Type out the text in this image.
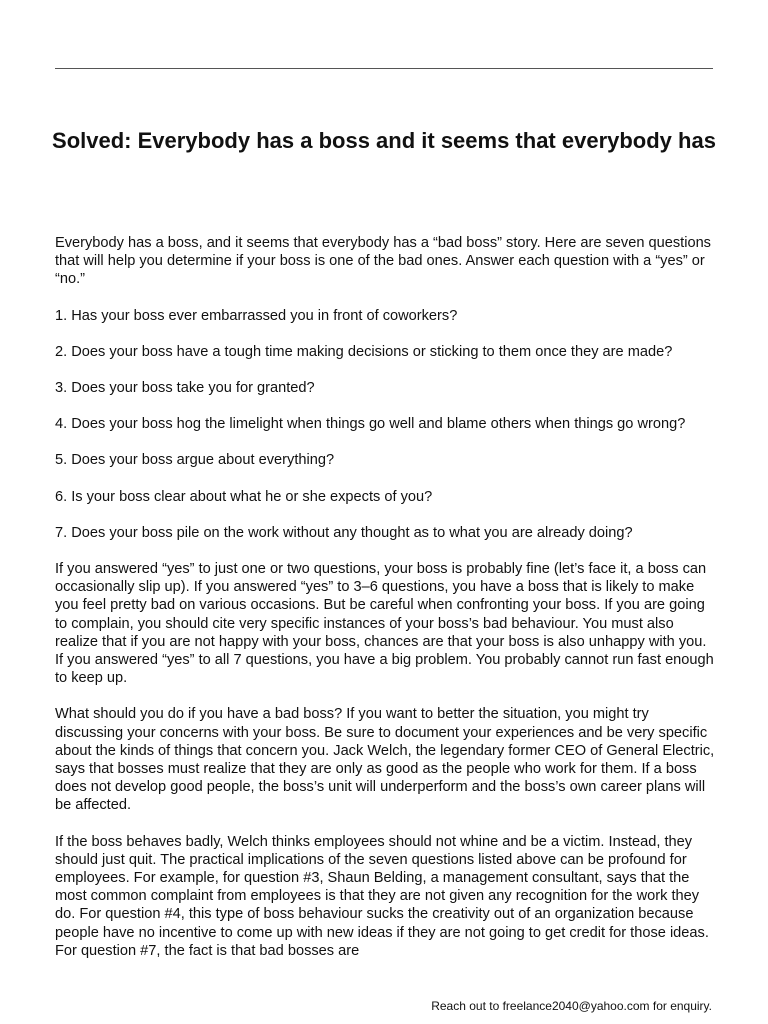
Solved: Everybody has a boss and it seems that everybody has

Everybody has a boss, and it seems that everybody has a “bad boss” story. Here are seven questions that will help you determine if your boss is one of the bad ones. Answer each question with a “yes” or “no.”

1. Has your boss ever embarrassed you in front of coworkers?
2. Does your boss have a tough time making decisions or sticking to them once they are made?
3. Does your boss take you for granted?
4. Does your boss hog the limelight when things go well and blame others when things go wrong?
5. Does your boss argue about everything?
6. Is your boss clear about what he or she expects of you?
7. Does your boss pile on the work without any thought as to what you are already doing?

If you answered “yes” to just one or two questions, your boss is probably fine (let’s face it, a boss can occasionally slip up). If you answered “yes” to 3–6 questions, you have a boss that is likely to make you feel pretty bad on various occasions. But be careful when confronting your boss. If you are going to complain, you should cite very specific instances of your boss’s bad behaviour. You must also realize that if you are not happy with your boss, chances are that your boss is also unhappy with you. If you answered “yes” to all 7 questions, you have a big problem. You probably cannot run fast enough to keep up.

What should you do if you have a bad boss? If you want to better the situation, you might try discussing your concerns with your boss. Be sure to document your experiences and be very specific about the kinds of things that concern you. Jack Welch, the legendary former CEO of General Electric, says that bosses must realize that they are only as good as the people who work for them. If a boss does not develop good people, the boss’s unit will underperform and the boss’s own career plans will be affected.

If the boss behaves badly, Welch thinks employees should not whine and be a victim. Instead, they should just quit. The practical implications of the seven questions listed above can be profound for employees. For example, for question #3, Shaun Belding, a management consultant, says that the most common complaint from employees is that they are not given any recognition for the work they do. For question #4, this type of boss behaviour sucks the creativity out of an organization because people have no incentive to come up with new ideas if they are not going to get credit for those ideas. For question #7, the fact is that bad bosses are

Reach out to freelance2040@yahoo.com for enquiry.
